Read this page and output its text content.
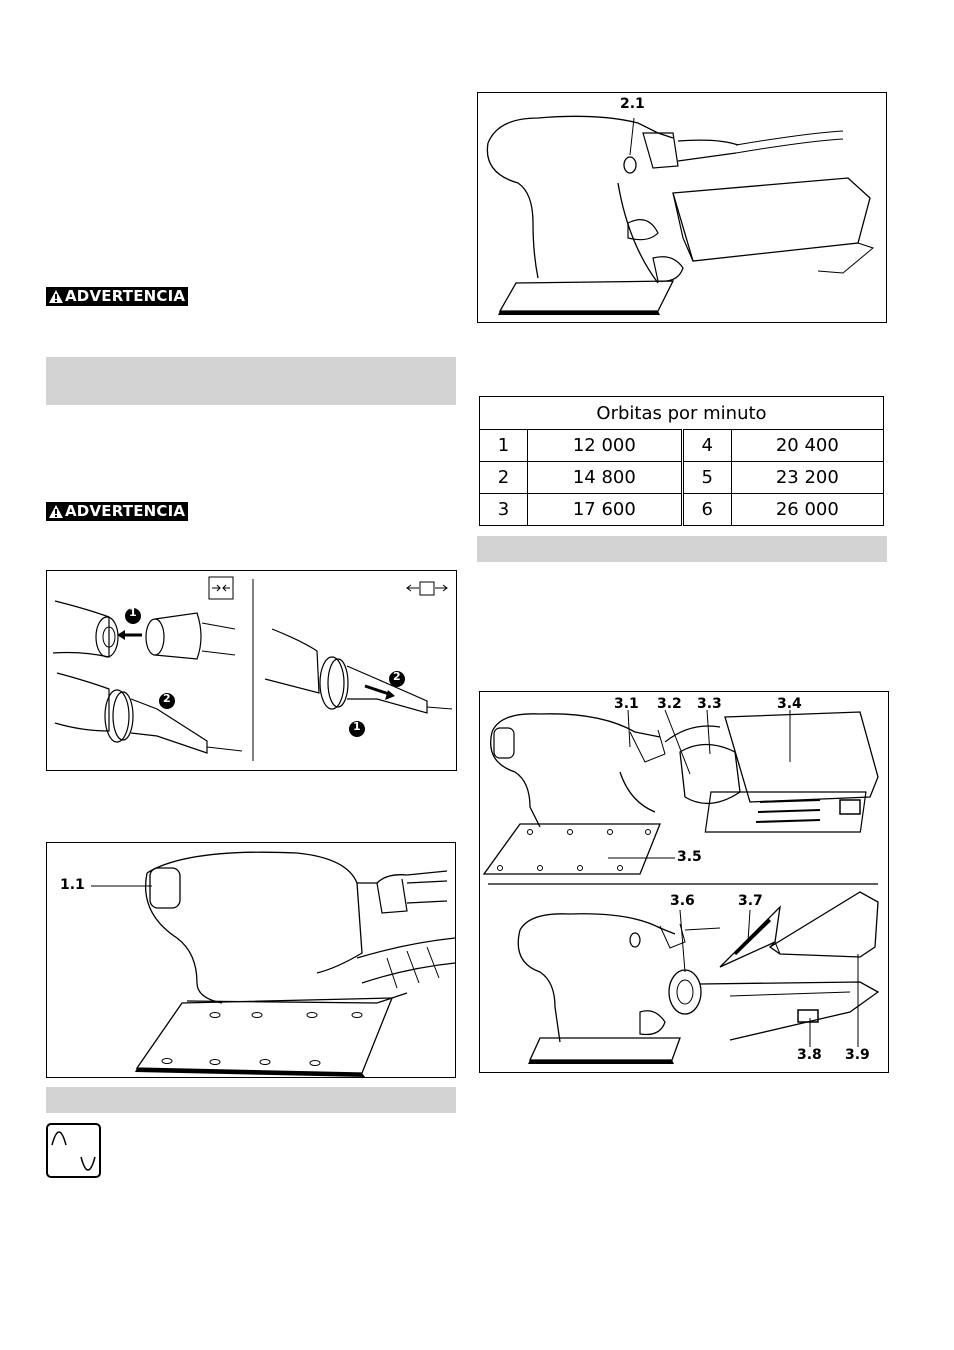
ADVERTENCIA
ADVERTENCIA
1
2
2
1
1.1
2.1
Orbitas por minuto			
1	12 000	4	20 400
2	14 800	5	23 200
3	17 600	6	26 000
3.1 3.2 3.3	3.4
3.5
3.6	3.7
3.8 3.9
